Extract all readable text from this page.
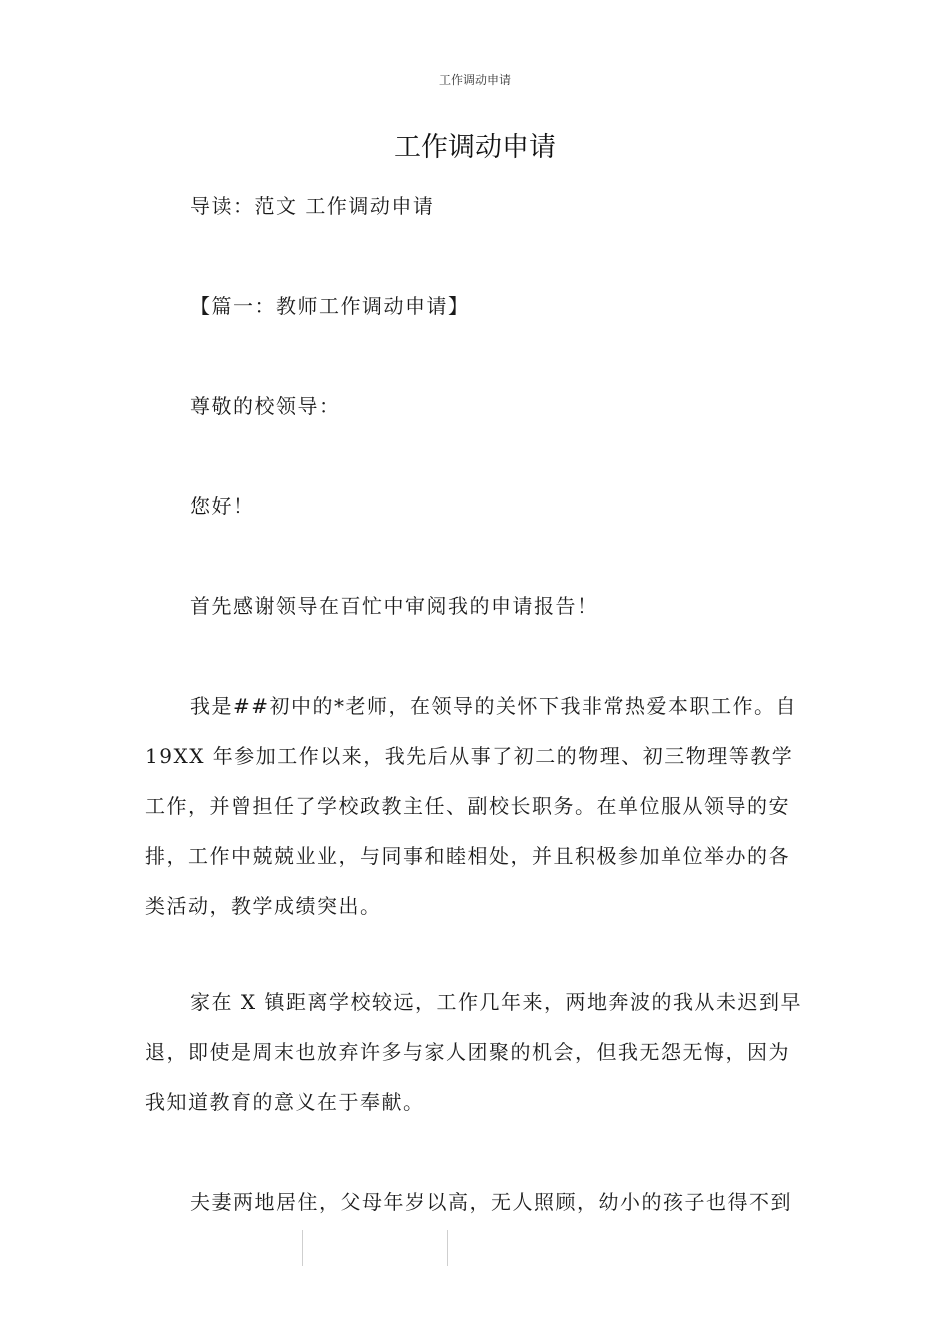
工作调动申请
工作调动申请

导读：范文 工作调动申请

【篇一：教师工作调动申请】

尊敬的校领导：

您好！

首先感谢领导在百忙中审阅我的申请报告！

我是##初中的*老师，在领导的关怀下我非常热爱本职工作。自 19XX 年参加工作以来，我先后从事了初二的物理、初三物理等教学工作，并曾担任了学校政教主任、副校长职务。在单位服从领导的安排，工作中兢兢业业，与同事和睦相处，并且积极参加单位举办的各类活动，教学成绩突出。

家在 X 镇距离学校较远，工作几年来，两地奔波的我从未迟到早退，即使是周末也放弃许多与家人团聚的机会，但我无怨无悔，因为我知道教育的意义在于奉献。

夫妻两地居住，父母年岁以高，无人照顾，幼小的孩子也得不到
